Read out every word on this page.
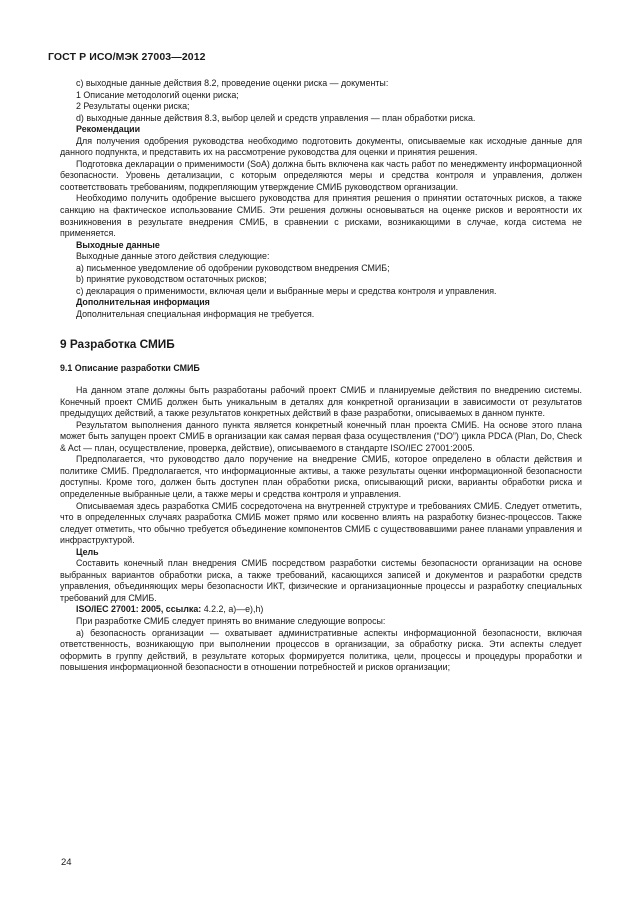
ГОСТ Р ИСО/МЭК 27003—2012

c) выходные данные действия 8.2, проведение оценки риска — документы:

1 Описание методологий оценки риска;

2 Результаты оценки риска;

d) выходные данные действия 8.3, выбор целей и средств управления — план обработки риска.

Рекомендации

Для получения одобрения руководства необходимо подготовить документы, описываемые как исходные данные для данного подпункта, и представить их на рассмотрение руководства для оценки и принятия решения.

Подготовка декларации о применимости (SoA) должна быть включена как часть работ по менеджменту информационной безопасности. Уровень детализации, с которым определяются меры и средства контроля и управления, должен соответствовать требованиям, подкрепляющим утверждение СМИБ руководством организации.

Необходимо получить одобрение высшего руководства для принятия решения о принятии остаточных рисков, а также санкцию на фактическое использование СМИБ. Эти решения должны основываться на оценке рисков и вероятности их возникновения в результате внедрения СМИБ, в сравнении с рисками, возникающими в случае, когда система не применяется.

Выходные данные

Выходные данные этого действия следующие:

a) письменное уведомление об одобрении руководством внедрения СМИБ;

b) принятие руководством остаточных рисков;

c) декларация о применимости, включая цели и выбранные меры и средства контроля и управления.

Дополнительная информация

Дополнительная специальная информация не требуется.

9 Разработка СМИБ
9.1 Описание разработки СМИБ

На данном этапе должны быть разработаны рабочий проект СМИБ и планируемые действия по внедрению системы. Конечный проект СМИБ должен быть уникальным в деталях для конкретной организации в зависимости от результатов предыдущих действий, а также результатов конкретных действий в фазе разработки, описываемых в данном пункте.

Результатом выполнения данного пункта является конкретный конечный план проекта СМИБ. На основе этого плана может быть запущен проект СМИБ в организации как самая первая фаза осуществления (“DO”) цикла PDCA (Plan, Do, Check & Act — план, осуществление, проверка, действие), описываемого в стандарте ISO/IEC 27001:2005.

Предполагается, что руководство дало поручение на внедрение СМИБ, которое определено в области действия и политике СМИБ. Предполагается, что информационные активы, а также результаты оценки информационной безопасности доступны. Кроме того, должен быть доступен план обработки риска, описывающий риски, варианты обработки риска и определенные выбранные цели, а также меры и средства контроля и управления.

Описываемая здесь разработка СМИБ сосредоточена на внутренней структуре и требованиях СМИБ. Следует отметить, что в определенных случаях разработка СМИБ может прямо или косвенно влиять на разработку бизнес-процессов. Также следует отметить, что обычно требуется объединение компонентов СМИБ с существовавшими ранее планами управления и инфраструктурой.

Цель

Составить конечный план внедрения СМИБ посредством разработки системы безопасности организации на основе выбранных вариантов обработки риска, а также требований, касающихся записей и документов и разработки средств управления, объединяющих меры безопасности ИКТ, физические и организационные процессы и разработку специальных требований для СМИБ.

ISO/IEC 27001: 2005, ссылка: 4.2.2, а)—е),h)

При разработке СМИБ следует принять во внимание следующие вопросы:

а) безопасность организации — охватывает административные аспекты информационной безопасности, включая ответственность, возникающую при выполнении процессов в организации, за обработку риска. Эти аспекты следует оформить в группу действий, в результате которых формируется политика, цели, процессы и процедуры проработки и повышения информационной безопасности в отношении потребностей и рисков организации;

24
